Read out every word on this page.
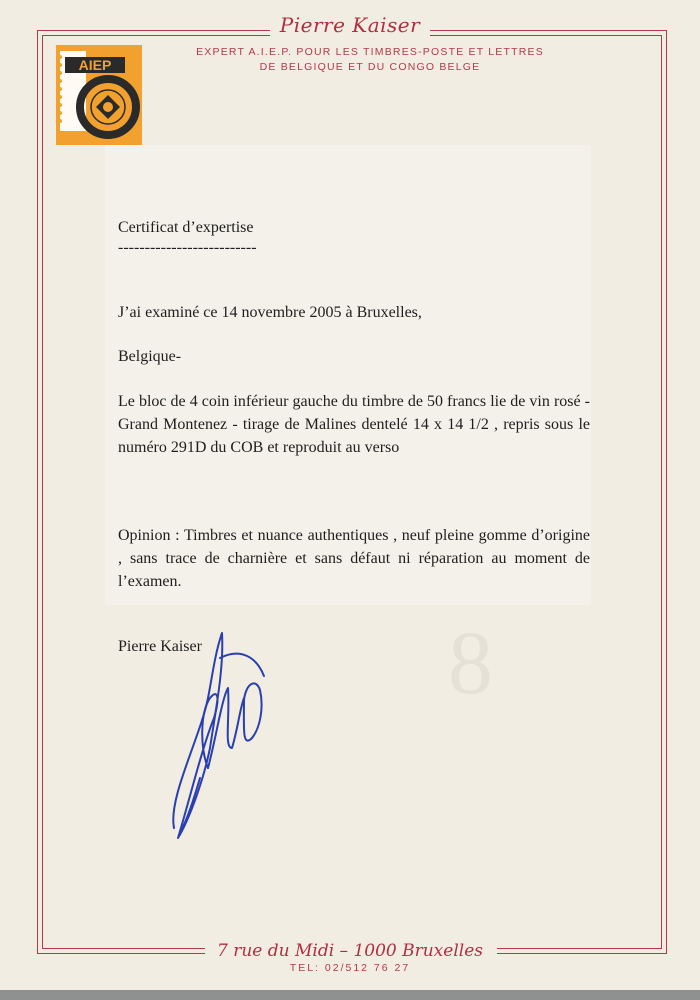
8
Pierre Kaiser
EXPERT A.I.E.P. POUR LES TIMBRES-POSTE ET LETTRES
DE BELGIQUE ET DU CONGO BELGE
AIEP
Certificat d’expertise
--------------------------
J’ai examiné ce 14 novembre 2005 à Bruxelles,
Belgique-
Le bloc de 4 coin inférieur gauche du timbre de 50 francs lie de vin rosé - Grand Montenez - tirage de Malines dentelé 14 x 14 1/2 , repris sous le numéro 291D du COB et reproduit au verso
Opinion : Timbres et nuance authentiques , neuf pleine gomme d’origine , sans trace de charnière et sans défaut ni réparation au moment de l’examen.
Pierre Kaiser
7 rue du Midi – 1000 Bruxelles
TEL: 02/512 76 27
